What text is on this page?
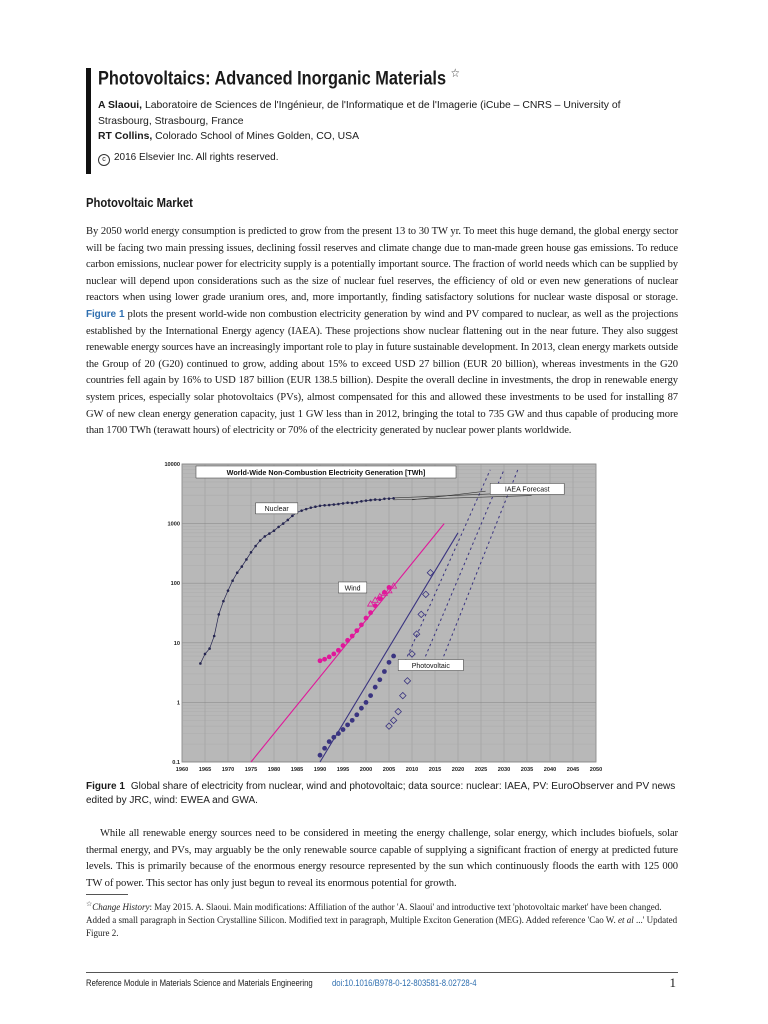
Photovoltaics: Advanced Inorganic Materials ☆

A Slaoui, Laboratoire de Sciences de l'Ingénieur, de l'Informatique et de l'Imagerie (iCube – CNRS – University of Strasbourg, Strasbourg, France

RT Collins, Colorado School of Mines Golden, CO, USA

c 2016 Elsevier Inc. All rights reserved.
Photovoltaic Market

By 2050 world energy consumption is predicted to grow from the present 13 to 30 TW yr. To meet this huge demand, the global energy sector will be facing two main pressing issues, declining fossil reserves and climate change due to man-made green house gas emissions. To reduce carbon emissions, nuclear power for electricity supply is a potentially important source. The fraction of world needs which can be supplied by nuclear will depend upon considerations such as the size of nuclear fuel reserves, the efficiency of old or even new generations of nuclear reactors when using lower grade uranium ores, and, more importantly, finding satisfactory solutions for nuclear waste disposal or storage. Figure 1 plots the present world-wide non combustion electricity generation by wind and PV compared to nuclear, as well as the projections established by the International Energy agency (IAEA). These projections show nuclear flattening out in the near future. They also suggest renewable energy sources have an increasingly important role to play in future sustainable development. In 2013, clean energy markets outside the Group of 20 (G20) continued to grow, adding about 15% to exceed USD 27 billion (EUR 20 billion), whereas investments in the G20 countries fell again by 16% to USD 187 billion (EUR 138.5 billion). Despite the overall decline in investments, the drop in renewable energy system prices, especially solar photovoltaics (PVs), almost compensated for this and allowed these investments to be used for installing 87 GW of new clean energy generation capacity, just 1 GW less than in 2012, bringing the total to 735 GW and thus capable of producing more than 1700 TWh (terawatt hours) of electricity or 70% of the electricity generated by nuclear power plants worldwide.

1960 1965 1970 1975 1980 1985 1990 1995 2000 2005 2010 2015 2020 2025 2030 2035 2040 2045 2050
0.1
1
10
100
1000
10000
Nuclear
Wind
Photovoltaic
IAEA Forecast
World-Wide Non-Combustion Electricity Generation [TWh]
Figure 1 Global share of electricity from nuclear, wind and photovoltaic; data source: nuclear: IAEA, PV: EuroObserver and PV news edited by JRC, wind: EWEA and GWA.

While all renewable energy sources need to be considered in meeting the energy challenge, solar energy, which includes biofuels, solar thermal energy, and PVs, may arguably be the only renewable source capable of supplying a significant fraction of energy at predicted future levels. This is primarily because of the enormous energy resource represented by the sun which continuously floods the earth with 125 000 TW of power. This sector has only just begun to reveal its enormous potential for growth.

☆Change History: May 2015. A. Slaoui. Main modifications: Affiliation of the author 'A. Slaoui' and introductive text 'photovoltaic market' have been changed. Added a small paragraph in Section Crystalline Silicon. Modified text in paragraph, Multiple Exciton Generation (MEG). Added reference 'Cao W. et al ...' Updated Figure 2.
Reference Module in Materials Science and Materials Engineering doi:10.1016/B978-0-12-803581-8.02728-4	1
